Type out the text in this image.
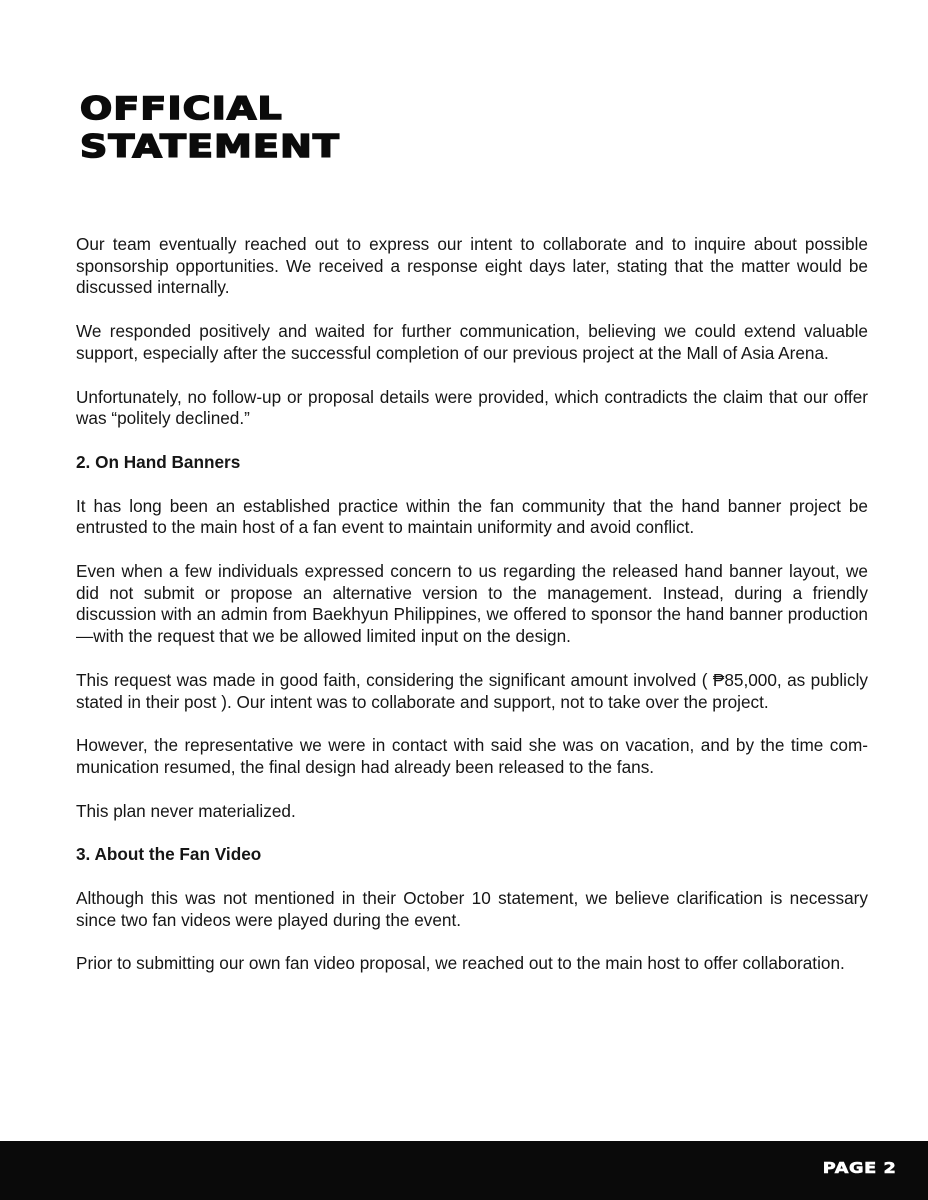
OFFICIAL
STATEMENT

Our team eventually reached out to express our intent to collaborate and to inquire about possible sponsorship opportunities. We received a response eight days later, stating that the matter would be discussed internally.

We responded positively and waited for further communication, believing we could extend valuable support, especially after the successful completion of our previous project at the Mall of Asia Arena.

Unfortunately, no follow-up or proposal details were provided, which contradicts the claim that our offer was “politely declined.”

2. On Hand Banners

It has long been an established practice within the fan community that the hand banner project be entrusted to the main host of a fan event to maintain uniformity and avoid conflict.

Even when a few individuals expressed concern to us regarding the released hand banner layout, we did not submit or propose an alternative version to the management. Instead, during a friendly discussion with an admin from Baekhyun Philippines, we offered to sponsor the hand banner production—with the request that we be allowed limited input on the design.

This request was made in good faith, considering the significant amount involved ( ₱85,000, as publicly stated in their post ). Our intent was to collaborate and support, not to take over the project.

However, the representative we were in contact with said she was on vacation, and by the time communication resumed, the final design had already been released to the fans.

This plan never materialized.

3. About the Fan Video

Although this was not mentioned in their October 10 statement, we believe clarification is necessary since two fan videos were played during the event.

Prior to submitting our own fan video proposal, we reached out to the main host to offer collaboration.

PAGE 2
